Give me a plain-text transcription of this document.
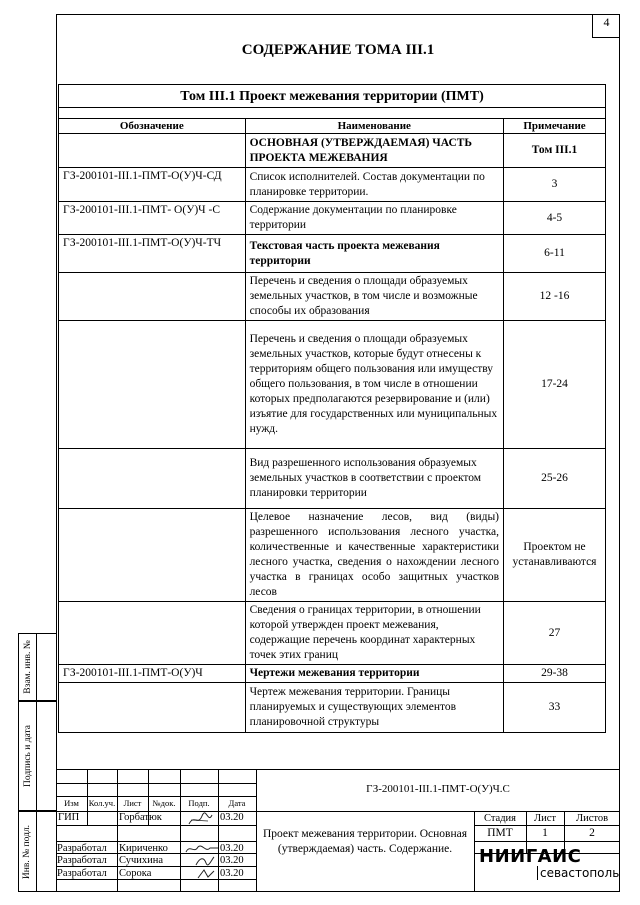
4
СОДЕРЖАНИЕ ТОМА III.1
Том III.1 Проект межевания территории (ПМТ)		

Обозначение	Наименование	Примечание
	ОСНОВНАЯ (УТВЕРЖДАЕМАЯ) ЧАСТЬ ПРОЕКТА МЕЖЕВАНИЯ	Том III.1
ГЗ-200101-III.1-ПМТ-О(У)Ч-СД	Список исполнителей. Состав документации по планировке территории.	3
ГЗ-200101-III.1-ПМТ- О(У)Ч -С	Содержание документации по планировке территории	4-5
ГЗ-200101-III.1-ПМТ-О(У)Ч-ТЧ	Текстовая часть проекта межевания территории	6-11
	Перечень и сведения о площади образуемых земельных участков, в том числе и возможные способы их образования	12 -16
	Перечень и сведения о площади образуемых земельных участков, которые будут отнесены к территориям общего пользования или имуществу общего пользования, в том числе в отношении которых предполагаются резервирование и (или) изъятие для государственных или муниципальных нужд.	17-24
	Вид разрешенного использования образуемых земельных участков в соответствии с проектом планировки территории	25-26
	Целевое назначение лесов, вид (виды) разрешенного использования лесного участка, количественные и качественные характеристики лесного участка, сведения о нахождении лесного участка в границах особо защитных участков лесов	Проектом не устанавливаются
	Сведения о границах территории, в отношении которой утвержден проект межевания, содержащие перечень координат характерных точек этих границ	27
ГЗ-200101-III.1-ПМТ-О(У)Ч	Чертежи межевания территории	29-38
	Чертеж межевания территории. Границы планируемых и существующих элементов планировочной структуры	33
Взам. инв. №
Подпись и дата
Инв. № подл.
ГЗ-200101-III.1-ПМТ-О(У)Ч.С
Изм	Кол.уч. Лист	№док.	Подп.	Дата
ГИП	Горбатюк	03.20
Разработал	Кириченко	03.20
Разработал	Сучихина	03.20
Разработал	Сорока	03.20
Проект межевания территории. Основная (утверждаемая) часть. Содержание.
Стадия	Лист	Листов
ПМТ	1	2
НИИГАИС
севастополь
